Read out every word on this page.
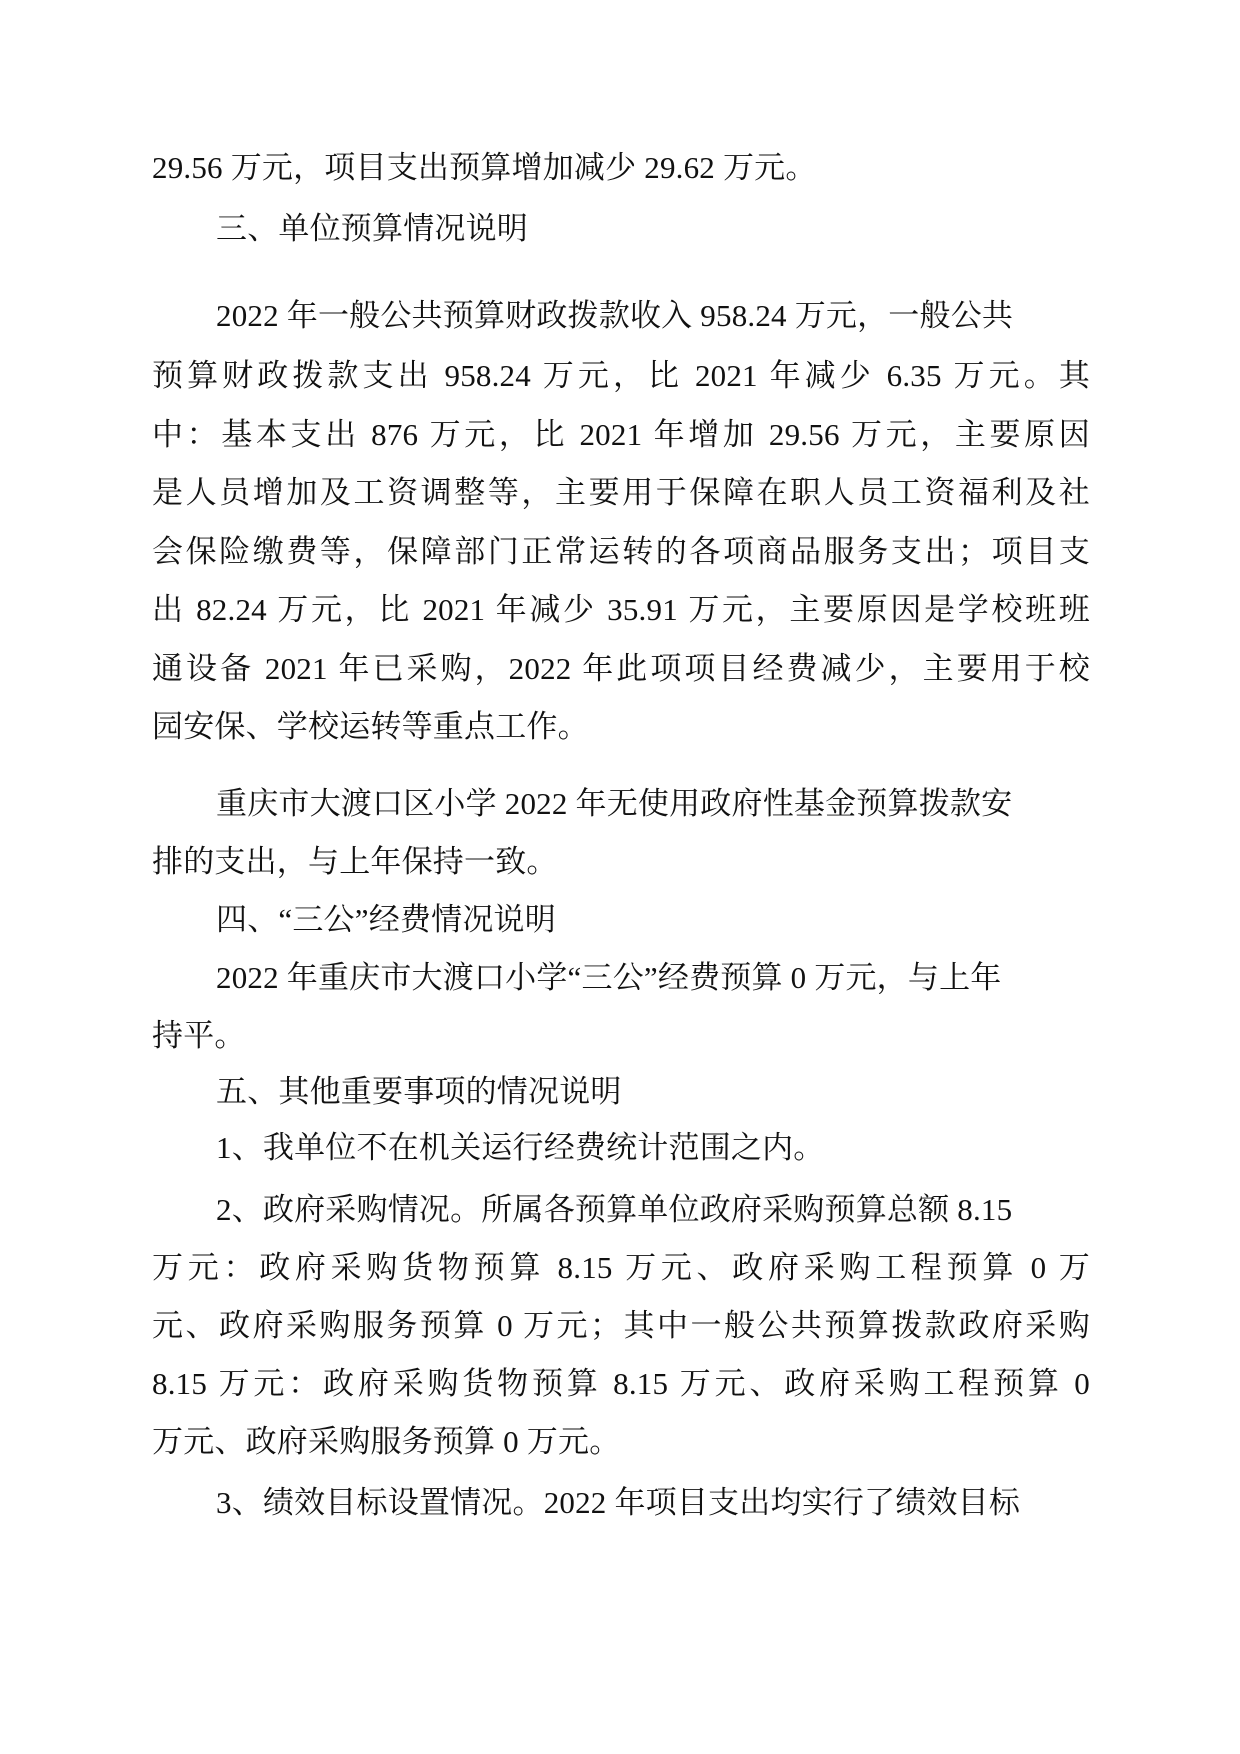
29.56 万元，项目支出预算增加减少 29.62 万元。
三、单位预算情况说明
2022 年一般公共预算财政拨款收入 958.24 万元，一般公共
预算财政拨款支出 958.24 万元，比 2021 年减少 6.35 万元。其
中：基本支出 876 万元，比 2021 年增加 29.56 万元，主要原因
是人员增加及工资调整等，主要用于保障在职人员工资福利及社
会保险缴费等，保障部门正常运转的各项商品服务支出；项目支
出 82.24 万元，比 2021 年减少 35.91 万元，主要原因是学校班班
通设备 2021 年已采购，2022 年此项项目经费减少，主要用于校
园安保、学校运转等重点工作。
重庆市大渡口区小学 2022 年无使用政府性基金预算拨款安
排的支出，与上年保持一致。
四、“三公”经费情况说明
2022 年重庆市大渡口小学“三公”经费预算 0 万元，与上年
持平。
五、其他重要事项的情况说明
1、我单位不在机关运行经费统计范围之内。
2、政府采购情况。所属各预算单位政府采购预算总额 8.15
万元：政府采购货物预算 8.15 万元、政府采购工程预算 0 万
元、政府采购服务预算 0 万元；其中一般公共预算拨款政府采购
8.15 万元：政府采购货物预算 8.15 万元、政府采购工程预算 0
万元、政府采购服务预算 0 万元。
3、绩效目标设置情况。2022 年项目支出均实行了绩效目标
